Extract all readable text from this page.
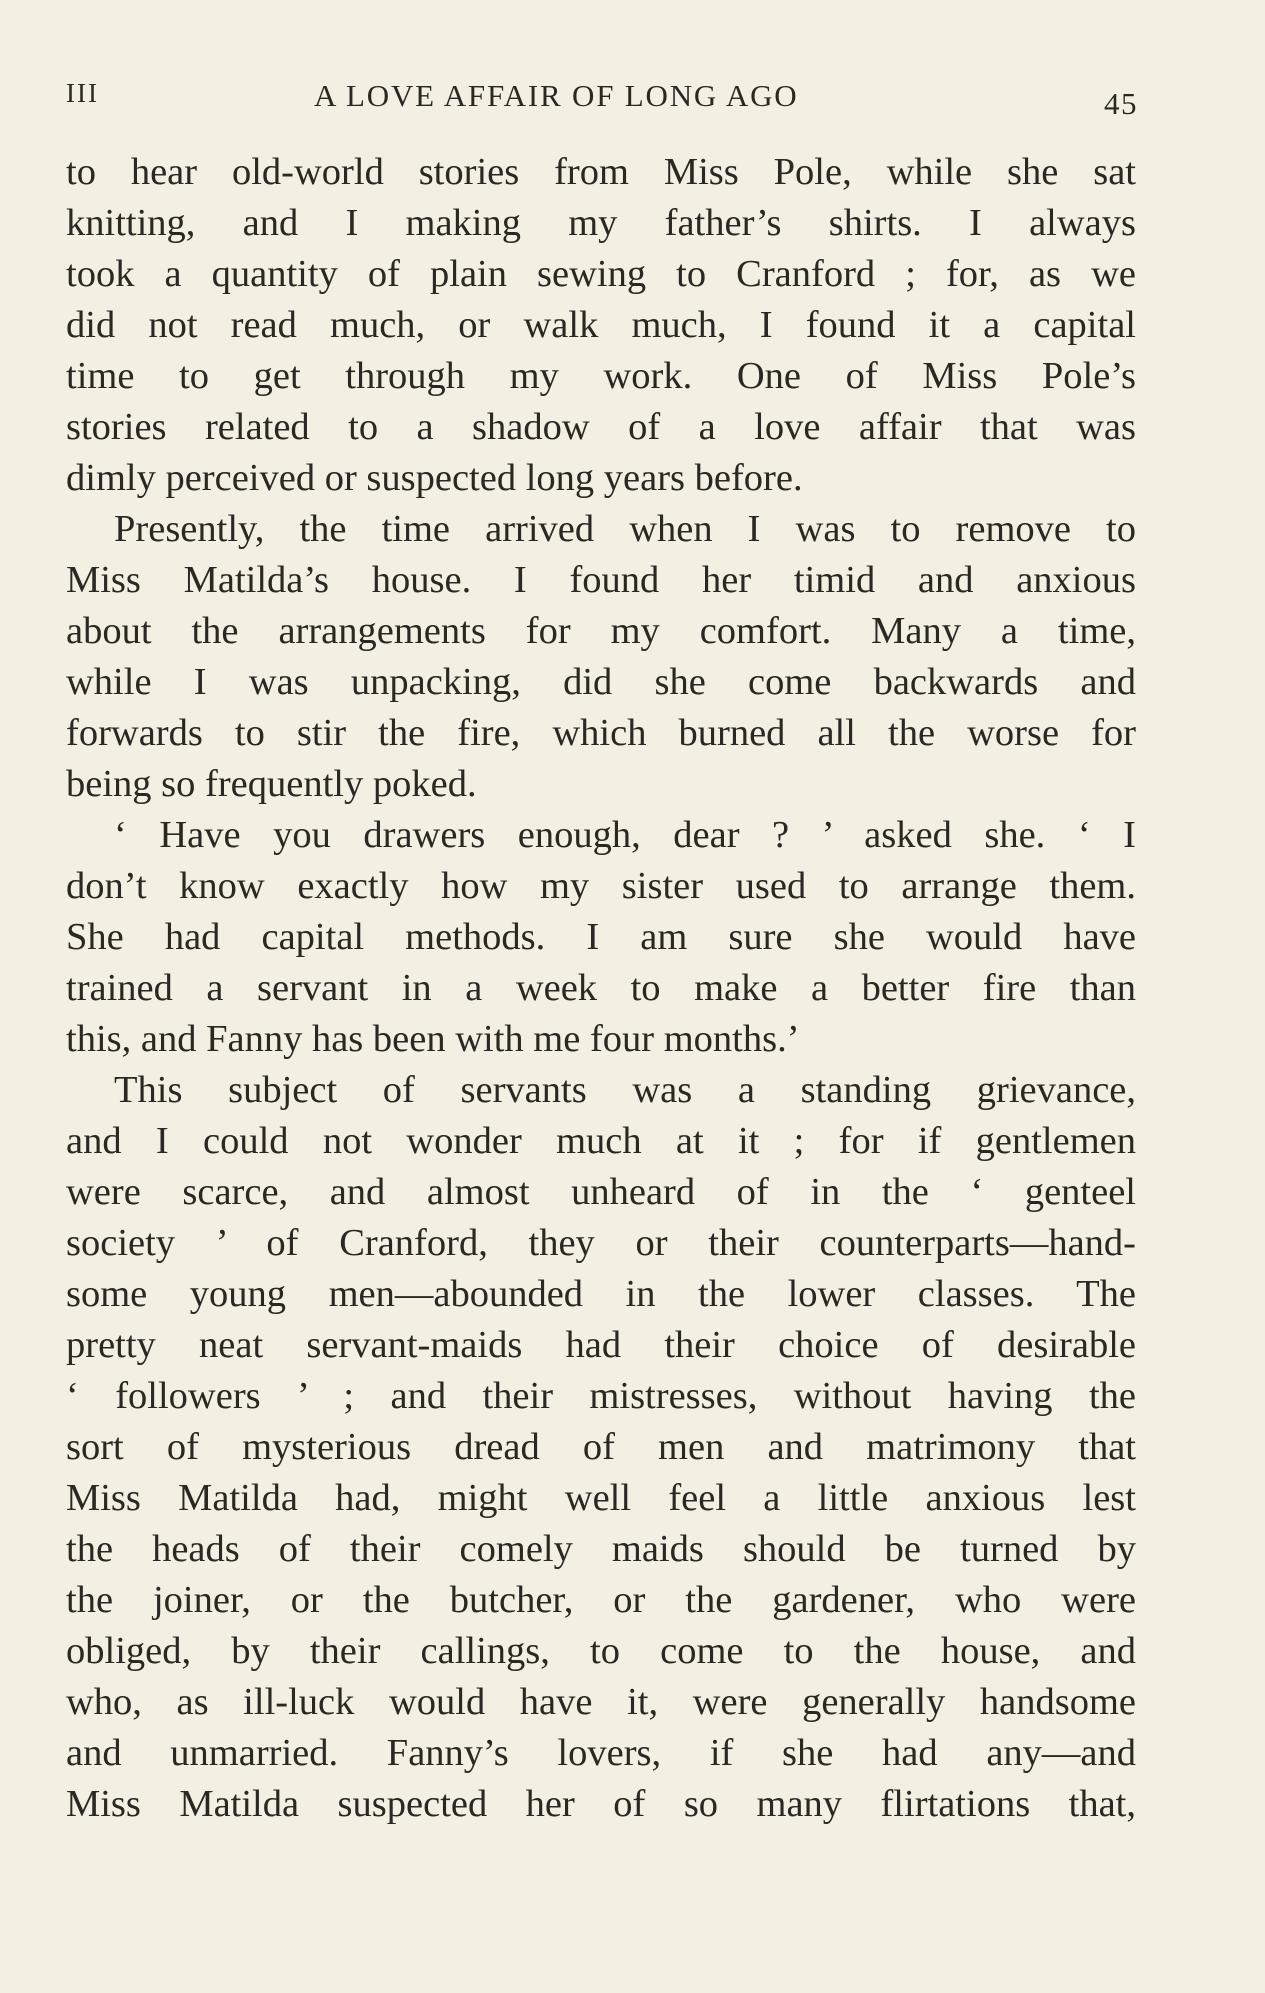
III	A LOVE AFFAIR OF LONG AGO	45
to hear old-world stories from Miss Pole, while she sat
knitting, and I making my father’s shirts. I always
took a quantity of plain sewing to Cranford ; for, as we
did not read much, or walk much, I found it a capital
time to get through my work. One of Miss Pole’s
stories related to a shadow of a love affair that was
dimly perceived or suspected long years before.
Presently, the time arrived when I was to remove to
Miss Matilda’s house. I found her timid and anxious
about the arrangements for my comfort. Many a time,
while I was unpacking, did she come backwards and
forwards to stir the fire, which burned all the worse for
being so frequently poked.
‘ Have you drawers enough, dear ? ’ asked she. ‘ I
don’t know exactly how my sister used to arrange them.
She had capital methods. I am sure she would have
trained a servant in a week to make a better fire than
this, and Fanny has been with me four months.’
This subject of servants was a standing grievance,
and I could not wonder much at it ; for if gentlemen
were scarce, and almost unheard of in the ‘ genteel
society ’ of Cranford, they or their counterparts—hand-
some young men—abounded in the lower classes. The
pretty neat servant-maids had their choice of desirable
‘ followers ’ ; and their mistresses, without having the
sort of mysterious dread of men and matrimony that
Miss Matilda had, might well feel a little anxious lest
the heads of their comely maids should be turned by
the joiner, or the butcher, or the gardener, who were
obliged, by their callings, to come to the house, and
who, as ill-luck would have it, were generally handsome
and unmarried. Fanny’s lovers, if she had any—and
Miss Matilda suspected her of so many flirtations that,
